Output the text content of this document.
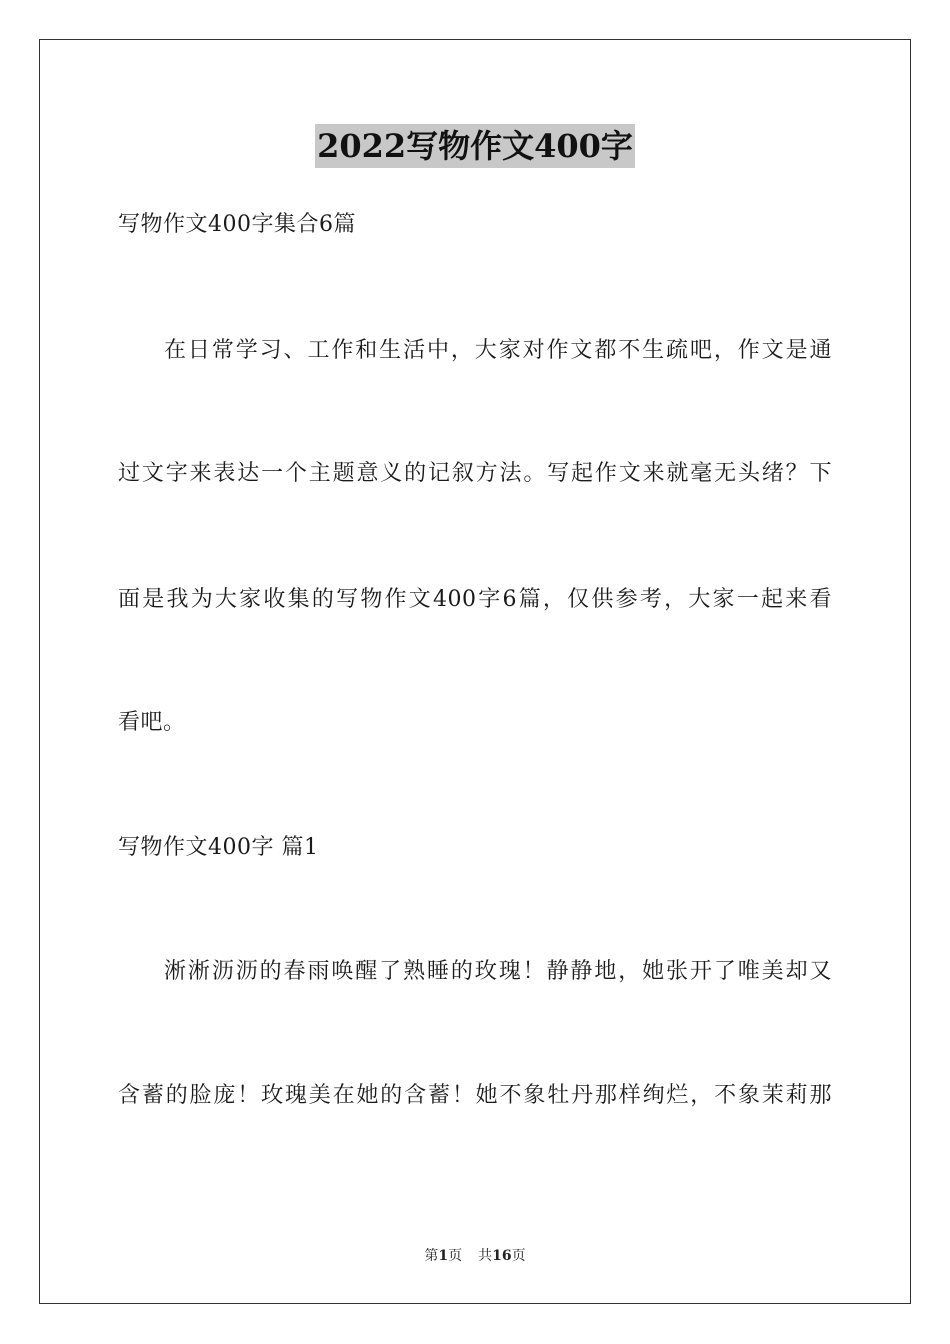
2022写物作文400字
写物作文400字集合6篇
在日常学习、工作和生活中，大家对作文都不生疏吧，作文是通
过文字来表达一个主题意义的记叙方法。写起作文来就毫无头绪？下
面是我为大家收集的写物作文400字6篇，仅供参考，大家一起来看
看吧。
写物作文400字 篇1
淅淅沥沥的春雨唤醒了熟睡的玫瑰！静静地，她张开了唯美却又
含蓄的脸庞！玫瑰美在她的含蓄！她不象牡丹那样绚烂，不象茉莉那
第1页 共16页
